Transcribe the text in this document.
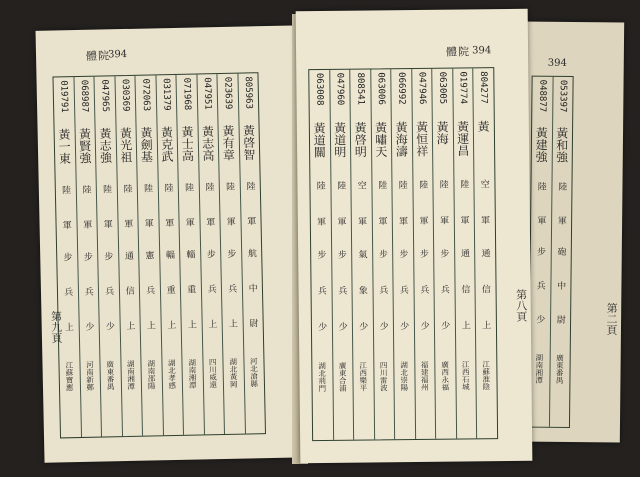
394
053397
黃和強
陸
軍
砲
中
尉
廣東番禺
048877
黃建強
陸
軍
步
兵
少
湖南湘潭
第二頁
體院
394
805963
黃啓智
陸
軍
航
中
尉
河北滄縣
023639
黃有章
陸
軍
步
兵
上
湖北黃岡
047951
黃志高
陸
軍
步
兵
上
四川威遠
071968
黃士高
陸
軍
輜
重
上
湖南湘潭
031379
黃克武
陸
軍
輜
重
上
湖北孝感
072063
黃劍基
陸
軍
憲
兵
上
湖南邵陽
030369
黃光祖
陸
軍
通
信
上
湖南湘潭
047965
黃志強
陸
軍
步
兵
少
廣東番禺
068987
黃賢強
陸
軍
步
兵
少
河南新鄭
019791
黃一東
陸
軍
步
兵
上
江蘇寶應
第九頁
體院 394
804277
黃
空
軍
通
信
上
江蘇淮陰
019774
黃運昌
陸
軍
通
信
上
江西石城
063005
黃海
陸
軍
步
兵
少
廣西永福
047946
黃恒祥
陸
軍
步
兵
少
福建福州
066992
黃海濤
陸
軍
步
兵
少
湖北崇陽
063006
黃嘯天
陸
軍
步
兵
少
四川雷波
808541
黃啓明
空
軍
氣
象
少
江西樂平
047960
黃道明
陸
軍
步
兵
少
廣東合浦
063008
黃道關
陸
軍
步
兵
少
湖北荊門
第八頁
